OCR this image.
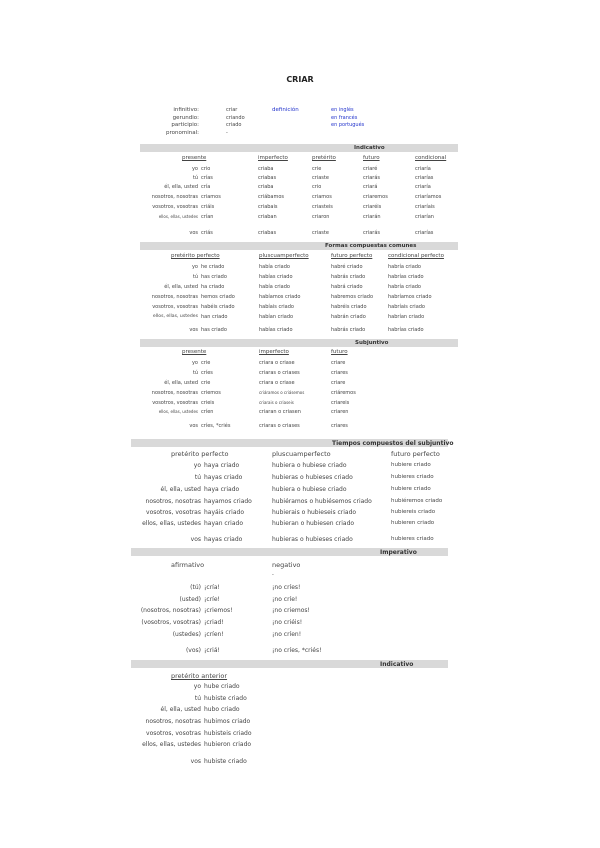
CRIAR
infinitivo:	criar
gerundio:	criando
participio:	criado
pronominal:	-
definición	en inglés
en francés
en portugués
Indicativo
presente	imperfecto	pretérito	futuro	condicional
yo crio	criaba	crie	criaré	criaría
tú crías	criabas	criaste	criarás	criarías
él, ella, usted cría	criaba	crio	criará	criaría
nosotros, nosotras criamos	criábamos	criamos	criaremos	criaríamos
vosotros, vosotras criáis	criabais	criasteis	criaréis	criaríais
ellos, ellas, ustedes crían	criaban	criaron	criarán	criarían
vos criás	criabas	criaste	criarás	criarías
Formas compuestas comunes
pretérito perfecto	pluscuamperfecto	futuro perfecto	condicional perfecto
yo he criado	había criado	habré criado	habría criado
tú has criado	habías criado	habrás criado	habrías criado
él, ella, usted ha criado	había criado	habrá criado	habría criado
nosotros, nosotras hemos criado	habíamos criado	habremos criado	habríamos criado
vosotros, vosotras habéis criado	habíais criado	habréis criado	habríais criado
ellos, ellas, ustedes han criado	habían criado	habrán criado	habrían criado
vos has criado	habías criado	habrás criado	habrías criado
Subjuntivo
presente	imperfecto	futuro
yo crie	criara o criase	criare
tú críes	criaras o criases	criares
él, ella, usted crie	criara o criase	criare
nosotros, nosotras criemos	criáramos o criásemos	criáremos
vosotros, vosotras crieis	criarais o criaseis	criareis
ellos, ellas, ustedes críen	criaran o criasen	criaren
vos críes, *criés	criaras o criases	criares
Tiempos compuestos del subjuntivo
pretérito perfecto	pluscuamperfecto	futuro perfecto
yo haya criado	hubiera o hubiese criado	hubiere criado
tú hayas criado	hubieras o hubieses criado	hubieres criado
él, ella, usted haya criado	hubiera o hubiese criado	hubiere criado
nosotros, nosotras hayamos criado	hubiéramos o hubiésemos criado	hubiéremos criado
vosotros, vosotras hayáis criado	hubierais o hubieseis criado	hubiereis criado
ellos, ellas, ustedes hayan criado	hubieran o hubiesen criado	hubieren criado
vos hayas criado	hubieras o hubieses criado	hubieres criado
Imperativo
afirmativo	negativo
-
(tú) ¡cría!	¡no críes!
(usted) ¡críe!	¡no críe!
(nosotros, nosotras) ¡criemos!	¡no criemos!
(vosotros, vosotras) ¡criad!	¡no criéis!
(ustedes) ¡críen!	¡no críen!
(vos) ¡criá!	¡no críes, *criés!
Indicativo
pretérito anterior
yo hube criado
tú hubiste criado
él, ella, usted hubo criado
nosotros, nosotras hubimos criado
vosotros, vosotras hubisteis criado
ellos, ellas, ustedes hubieron criado
vos hubiste criado
